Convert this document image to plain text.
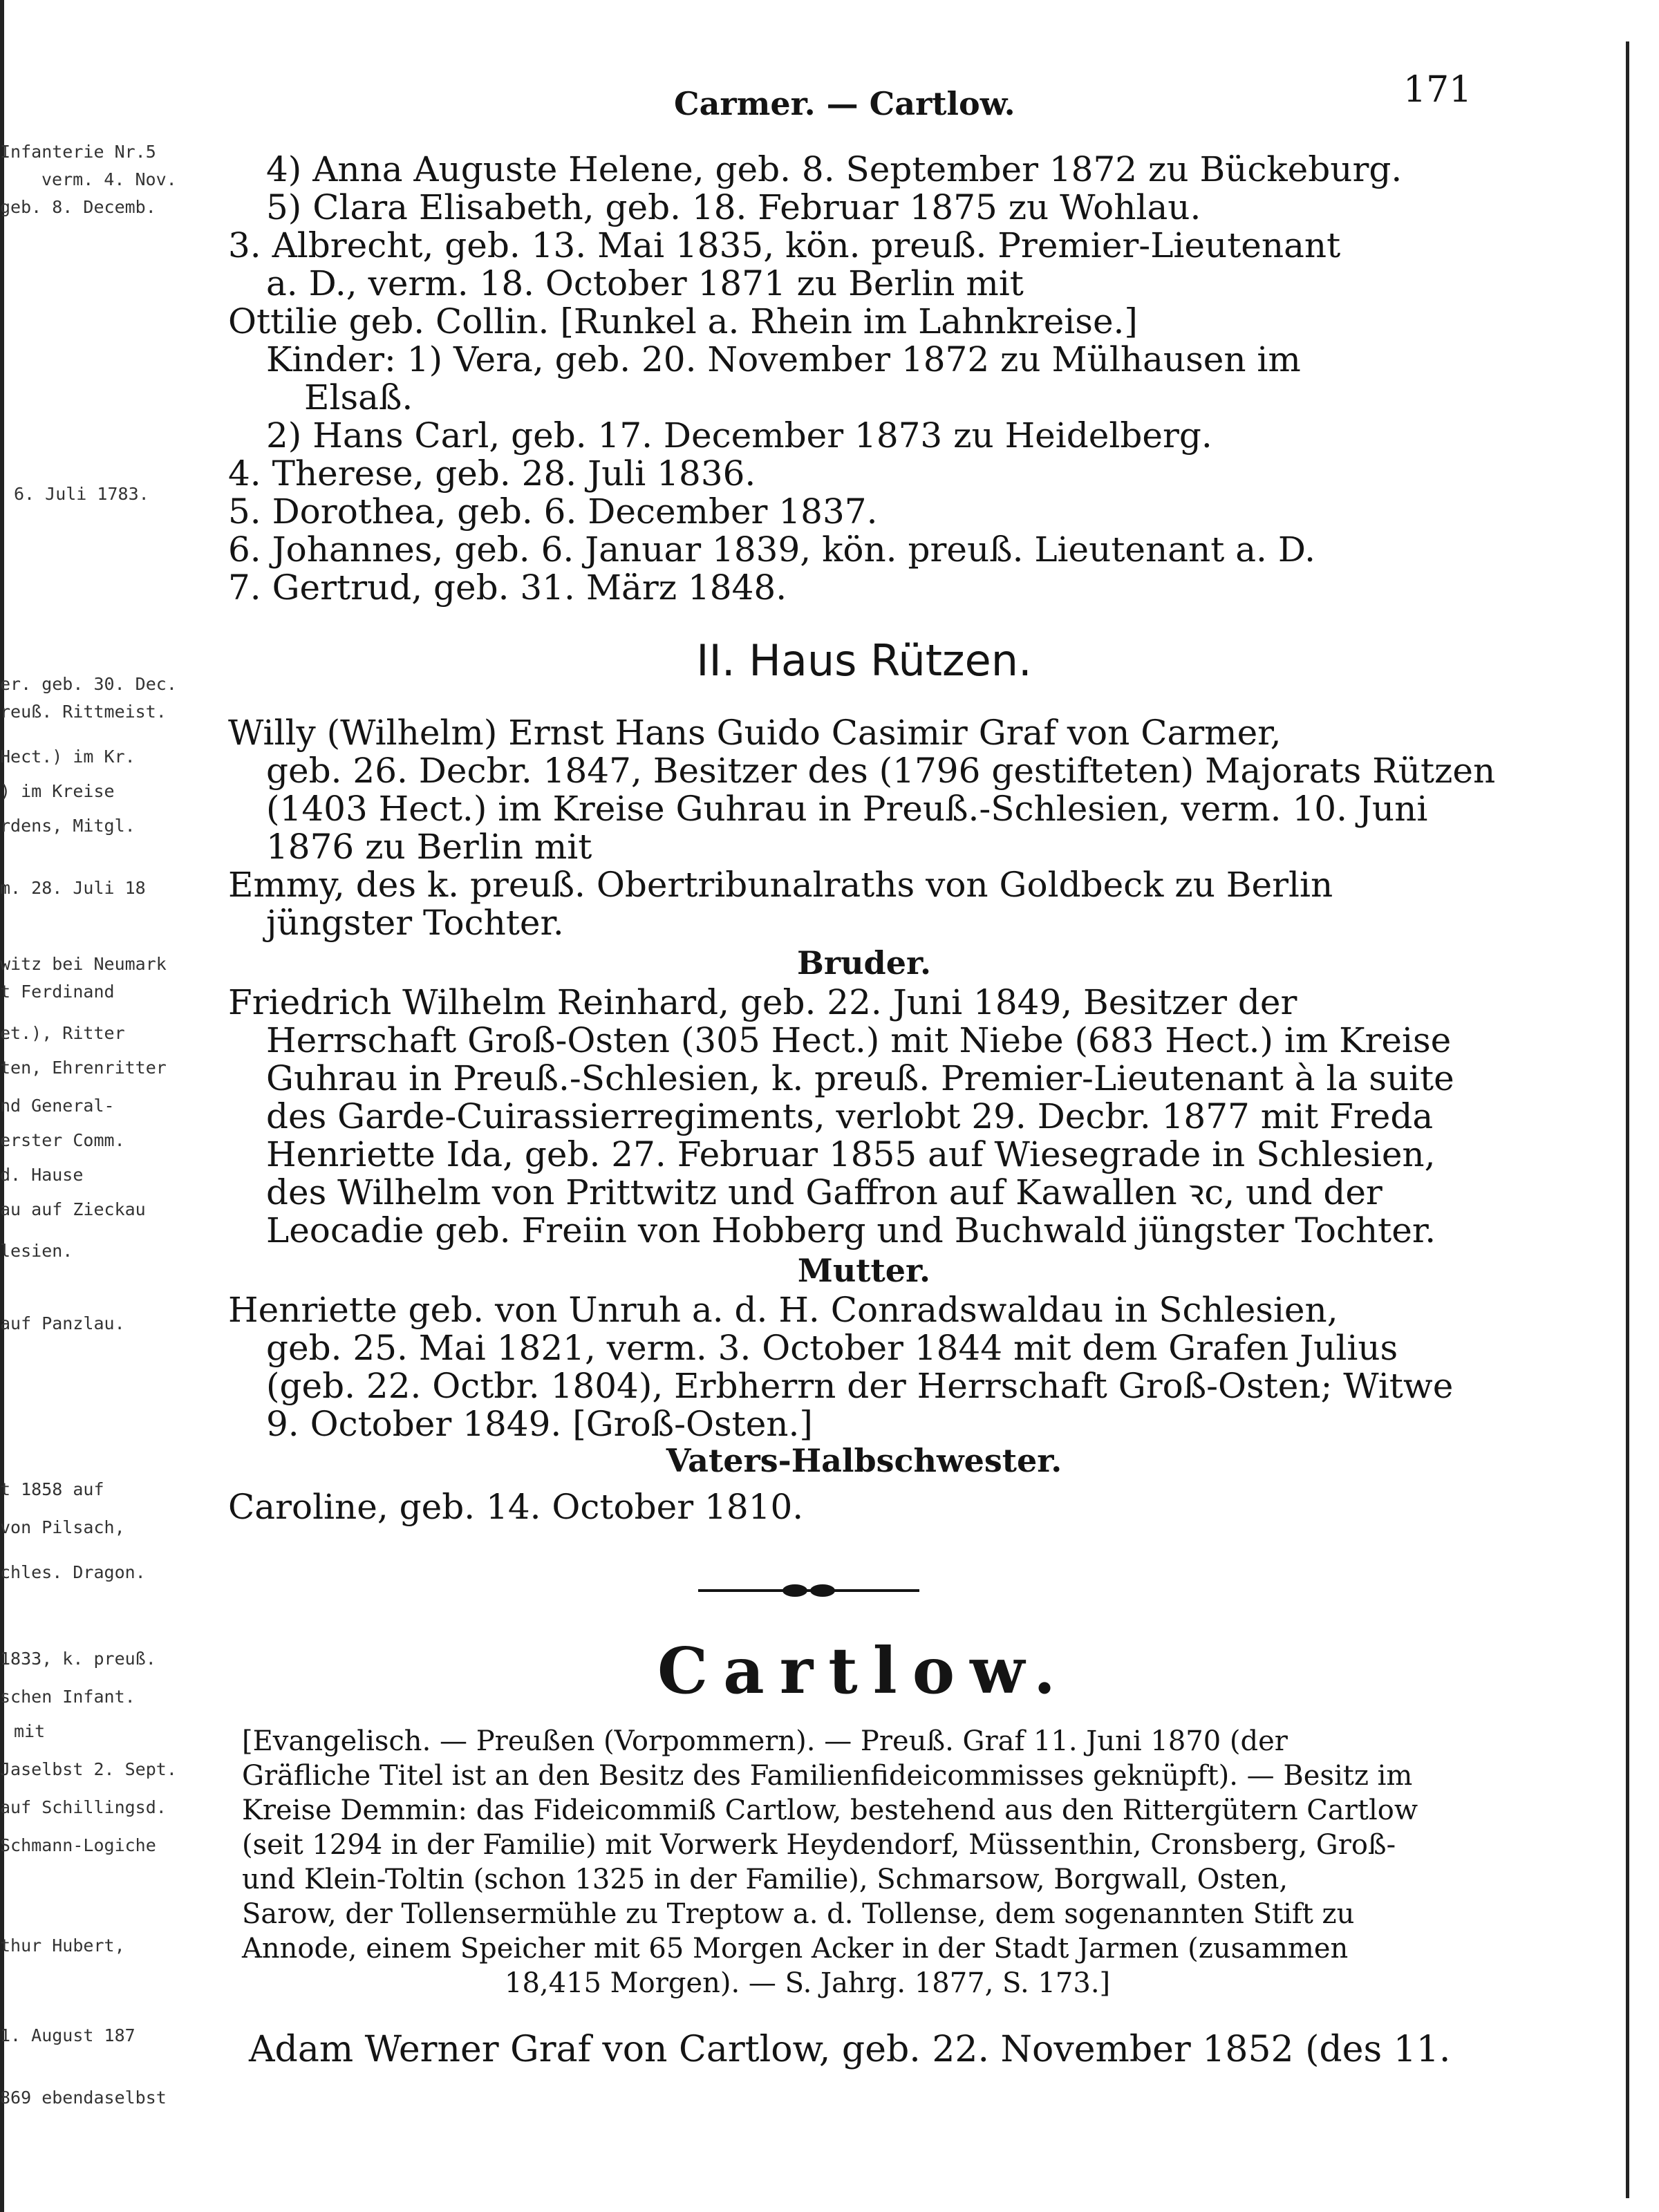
Carmer. — Cartlow.	171
Infanterie Nr.5
verm. 4. Nov.
geb. 8. Decemb.
6. Juli 1783.
er. geb. 30. Dec.
reuß. Rittmeist.
Hect.) im Kr.
) im Kreise
rdens, Mitgl.
m. 28. Juli 18
witz bei Neumark
t Ferdinand
et.), Ritter
ten, Ehrenritter
nd General-
erster Comm.
d. Hause
au auf Zieckau
lesien.
auf Panzlau.
t 1858 auf
von Pilsach,
chles. Dragon.
1833, k. preuß.
schen Infant.
mit
Jaselbst 2. Sept.
auf Schillingsd.
Schmann-Logiche
thur Hubert,
1. August 187
869 ebendaselbst
4) Anna Auguste Helene, geb. 8. September 1872 zu Bückeburg.
5) Clara Elisabeth, geb. 18. Februar 1875 zu Wohlau.
3. Albrecht, geb. 13. Mai 1835, kön. preuß. Premier-Lieutenant
a. D., verm. 18. October 1871 zu Berlin mit
Ottilie geb. Collin. [Runkel a. Rhein im Lahnkreise.]
Kinder: 1) Vera, geb. 20. November 1872 zu Mülhausen im
Elsaß.
2) Hans Carl, geb. 17. December 1873 zu Heidelberg.
4. Therese, geb. 28. Juli 1836.
5. Dorothea, geb. 6. December 1837.
6. Johannes, geb. 6. Januar 1839, kön. preuß. Lieutenant a. D.
7. Gertrud, geb. 31. März 1848.
II. Haus Rützen.
Willy (Wilhelm) Ernst Hans Guido Casimir Graf von Carmer,
geb. 26. Decbr. 1847, Besitzer des (1796 gestifteten) Majorats Rützen
(1403 Hect.) im Kreise Guhrau in Preuß.-Schlesien, verm. 10. Juni
1876 zu Berlin mit
Emmy, des k. preuß. Obertribunalraths von Goldbeck zu Berlin
jüngster Tochter.
Bruder.
Friedrich Wilhelm Reinhard, geb. 22. Juni 1849, Besitzer der
Herrschaft Groß-Osten (305 Hect.) mit Niebe (683 Hect.) im Kreise
Guhrau in Preuß.-Schlesien, k. preuß. Premier-Lieutenant à la suite
des Garde-Cuirassierregiments, verlobt 29. Decbr. 1877 mit Freda
Henriette Ida, geb. 27. Februar 1855 auf Wiesegrade in Schlesien,
des Wilhelm von Prittwitz und Gaffron auf Kawallen ꝛc, und der
Leocadie geb. Freiin von Hobberg und Buchwald jüngster Tochter.
Mutter.
Henriette geb. von Unruh a. d. H. Conradswaldau in Schlesien,
geb. 25. Mai 1821, verm. 3. October 1844 mit dem Grafen Julius
(geb. 22. Octbr. 1804), Erbherrn der Herrschaft Groß-Osten; Witwe
9. October 1849. [Groß-Osten.]
Vaters-Halbschwester.
Caroline, geb. 14. October 1810.
Cartlow.
[Evangelisch. — Preußen (Vorpommern). — Preuß. Graf 11. Juni 1870 (der
Gräfliche Titel ist an den Besitz des Familienfideicommisses geknüpft). — Besitz im
Kreise Demmin: das Fideicommiß Cartlow, bestehend aus den Rittergütern Cartlow
(seit 1294 in der Familie) mit Vorwerk Heydendorf, Müssenthin, Cronsberg, Groß-
und Klein-Toltin (schon 1325 in der Familie), Schmarsow, Borgwall, Osten,
Sarow, der Tollensermühle zu Treptow a. d. Tollense, dem sogenannten Stift zu
Annode, einem Speicher mit 65 Morgen Acker in der Stadt Jarmen (zusammen
18,415 Morgen). — S. Jahrg. 1877, S. 173.]
Adam Werner Graf von Cartlow, geb. 22. November 1852 (des 11.
